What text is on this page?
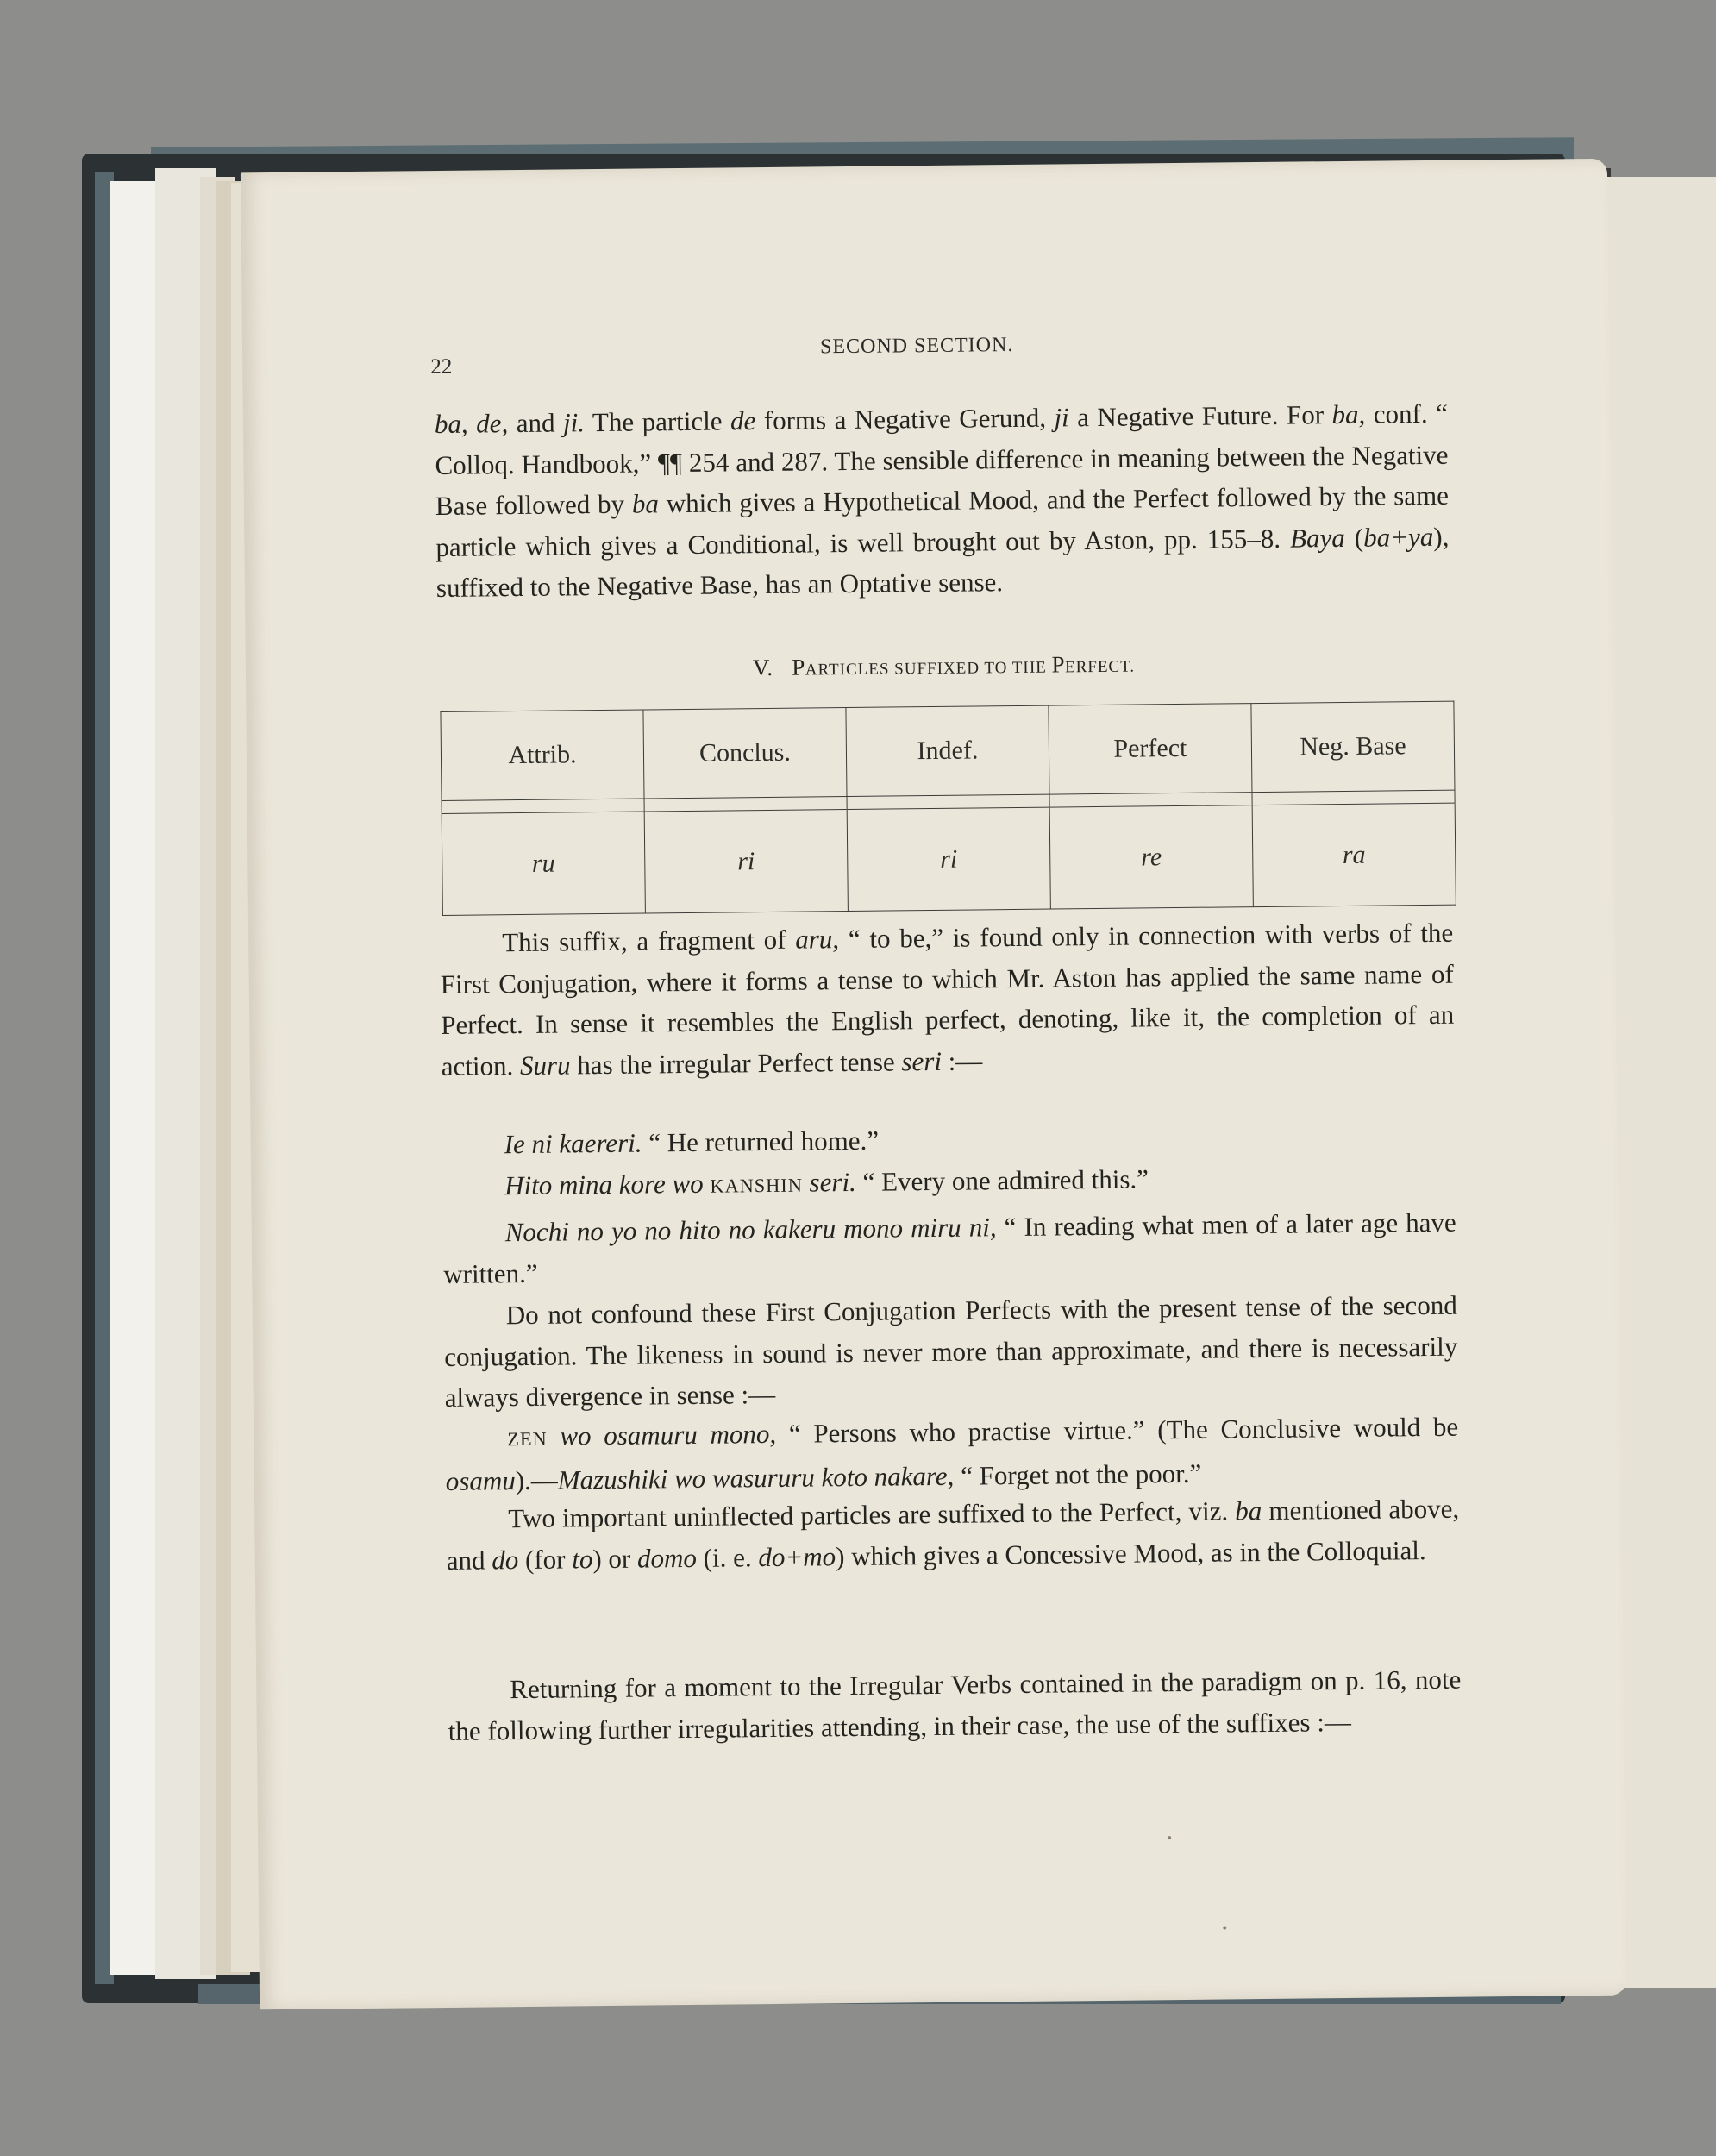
22
SECOND SECTION.
ba, de, and ji. The particle de forms a Negative Gerund, ji a Negative Future. For ba, conf. “ Colloq. Handbook,” ¶¶ 254 and 287. The sensible difference in meaning between the Negative Base followed by ba which gives a Hypothetical Mood, and the Perfect followed by the same particle which gives a Conditional, is well brought out by Aston, pp. 155–8. Baya (ba+ya), suffixed to the Negative Base, has an Optative sense.
V. PARTICLES SUFFIXED TO THE PERFECT.
Attrib.	Conclus.	Indef.	Perfect	Neg. Base

ru	ri	ri	re	ra
This suffix, a fragment of aru, “ to be,” is found only in connection with verbs of the First Conjugation, where it forms a tense to which Mr. Aston has applied the same name of Perfect. In sense it resembles the English perfect, denoting, like it, the completion of an action. Suru has the irregular Perfect tense seri :—
Ie ni kaereri. “ He returned home.”
Hito mina kore wo KANSHIN seri. “ Every one admired this.”
Nochi no yo no hito no kakeru mono miru ni, “ In reading what men of a later age have written.”
Do not confound these First Conjugation Perfects with the present tense of the second conjugation. The likeness in sound is never more than approximate, and there is necessarily always divergence in sense :—
ZEN wo osamuru mono, “ Persons who practise virtue.” (The Conclusive would be osamu).—Mazushiki wo wasururu koto nakare, “ Forget not the poor.”
Two important uninflected particles are suffixed to the Perfect, viz. ba mentioned above, and do (for to) or domo (i. e. do+mo) which gives a Concessive Mood, as in the Colloquial.
Returning for a moment to the Irregular Verbs contained in the paradigm on p. 16, note the following further irregularities attending, in their case, the use of the suffixes :—
